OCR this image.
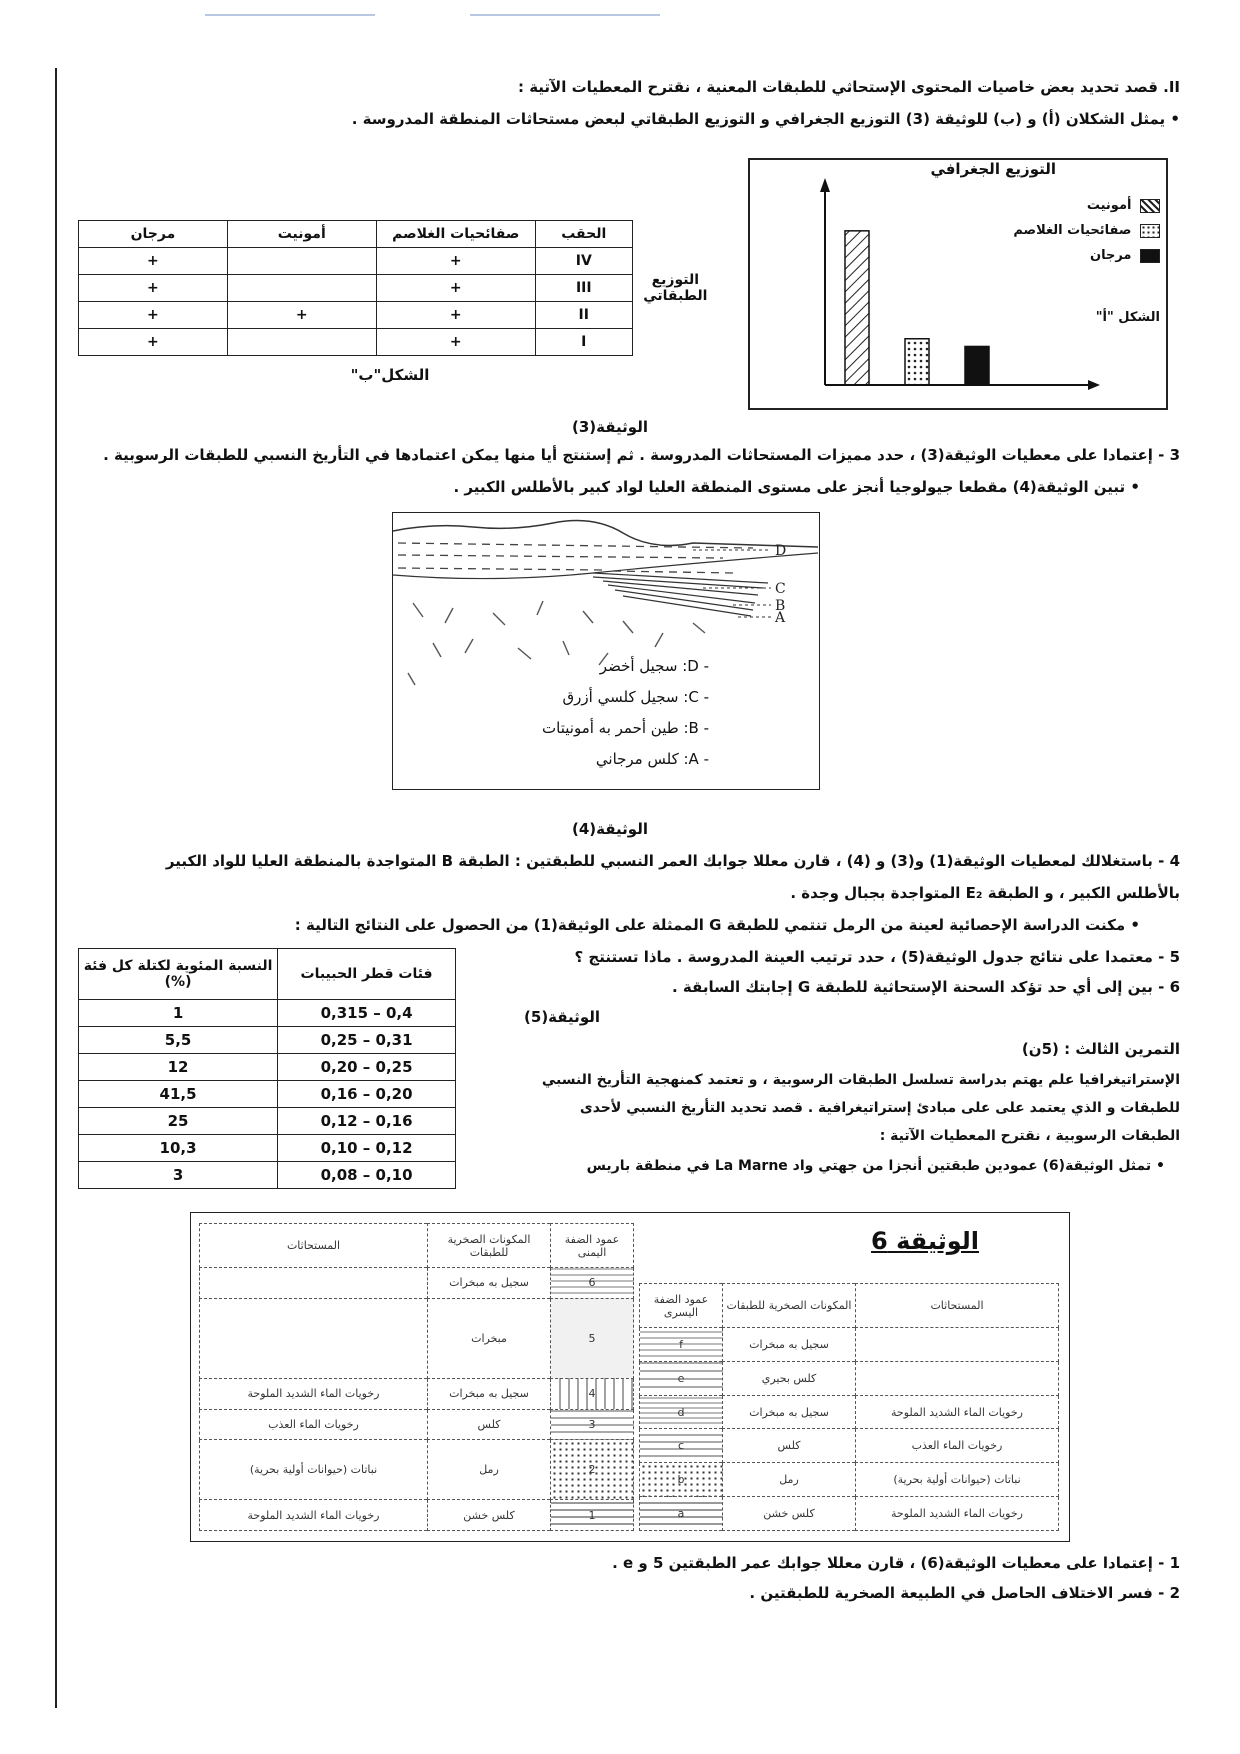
II. قصد تحديد بعض خاصيات المحتوى الإستحاثي للطبقات المعنية ، نقترح المعطيات الآتية :
• يمثل الشكلان (أ) و (ب) للوثيقة (3) التوزيع الجغرافي و التوزيع الطبقاتي لبعض مستحاثات المنطقة المدروسة .
التوزيع الجغرافي
أمونيت
صفائحيات الغلاصم
مرجان
الشكل "أ"
التوزيع
الطبقاتي	الحقب	صفائحيات الغلاصم	أمونيت	مرجان
	IV	+		+
	III	+		+
	II	+	+	+
	I	+		+
الشكل"ب"
الوثيقة(3)
3 - إعتمادا على معطيات الوثيقة(3) ، حدد مميزات المستحاثات المدروسة . ثم إستنتج أيا منها يمكن اعتمادها في التأريخ النسبي للطبقات الرسوبية .
• تبين الوثيقة(4) مقطعا جيولوجيا أنجز على مستوى المنطقة العليا لواد كبير بالأطلس الكبير .
D
C
B
A
- D: سجيل أخضر
- C: سجيل كلسي أزرق
- B: طين أحمر به أمونيتات
- A: كلس مرجاني
الوثيقة(4)
4 - باستغلالك لمعطيات الوثيقة(1) و(3) و (4) ، قارن معللا جوابك العمر النسبي للطبقتين : الطبقة B المتواجدة بالمنطقة العليا للواد الكبير
بالأطلس الكبير ، و الطبقة E₂ المتواجدة بجبال وجدة .
• مكنت الدراسة الإحصائية لعينة من الرمل تنتمي للطبقة G الممثلة على الوثيقة(1) من الحصول على النتائج التالية :
فئات قطر الحبيبات	النسبة المئوية لكتلة كل فئة (%)
0,4 – 0,315	1
0,31 – 0,25	5,5
0,25 – 0,20	12
0,20 – 0,16	41,5
0,16 – 0,12	25
0,12 – 0,10	10,3
0,10 – 0,08	3
5 - معتمدا على نتائج جدول الوثيقة(5) ، حدد ترتيب العينة المدروسة . ماذا تستنتج ؟
6 - بين إلى أي حد تؤكد السحنة الإستحاثية للطبقة G إجابتك السابقة .
الوثيقة(5)
التمرين الثالث : (5ن)
الإستراتيغرافيا علم يهتم بدراسة تسلسل الطبقات الرسوبية ، و تعتمد كمنهجية التأريخ النسبي
للطبقات و الذي يعتمد على على مبادئ إستراتيغرافية . قصد تحديد التأريخ النسبي لأحدى
الطبقات الرسوبية ، نقترح المعطيات الآتية :
• تمثل الوثيقة(6) عمودين طبقتين أنجزا من جهتي واد La Marne في منطقة باريس
عمود الضفة اليمنى	المكونات الصخرية للطبقات	المستحاثات
6	سجيل به مبخرات	
5	مبخرات	
4	سجيل به مبخرات	رخويات الماء الشديد الملوحة
3	كلس	رخويات الماء العذب
2	رمل	نباتات (حيوانات أولية بحرية)
1	كلس خشن	رخويات الماء الشديد الملوحة
الوثيقة 6
المستحاثات	المكونات الصخرية للطبقات	عمود الضفة اليسرى
	سجيل به مبخرات	f
	كلس بحيري	e
رخويات الماء الشديد الملوحة	سجيل به مبخرات	d
رخويات الماء العذب	كلس	c
نباتات (حيوانات أولية بحرية)	رمل	b
رخويات الماء الشديد الملوحة	كلس خشن	a
1 - إعتمادا على معطيات الوثيقة(6) ، قارن معللا جوابك عمر الطبقتين 5 و e .
2 - فسر الاختلاف الحاصل في الطبيعة الصخرية للطبقتين .
